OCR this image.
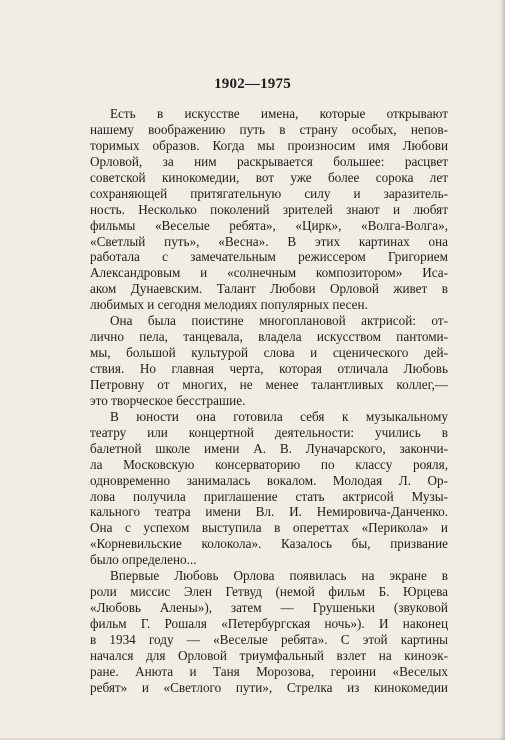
1902—1975
Есть в искусстве имена, которые открывают
нашему воображению путь в страну особых, непов-
торимых образов. Когда мы произносим имя Любови
Орловой, за ним раскрывается большее: расцвет
советской кинокомедии, вот уже более сорока лет
сохраняющей притягательную силу и заразитель-
ность. Несколько поколений зрителей знают и любят
фильмы «Веселые ребята», «Цирк», «Волга-Волга»,
«Светлый путь», «Весна». В этих картинах она
работала с замечательным режиссером Григорием
Александровым и «солнечным композитором» Иса-
аком Дунаевским. Талант Любови Орловой живет в
любимых и сегодня мелодиях популярных песен.
Она была поистине многоплановой актрисой: от-
лично пела, танцевала, владела искусством пантоми-
мы, большой культурой слова и сценического дей-
ствия. Но главная черта, которая отличала Любовь
Петровну от многих, не менее талантливых коллег,—
это творческое бесстрашие.
В юности она готовила себя к музыкальному
театру или концертной деятельности: учились в
балетной школе имени А. В. Луначарского, закончи-
ла Московскую консерваторию по классу рояля,
одновременно занималась вокалом. Молодая Л. Ор-
лова получила приглашение стать актрисой Музы-
кального театра имени Вл. И. Немировича-Данченко.
Она с успехом выступила в опереттах «Перикола» и
«Корневильские колокола». Казалось бы, призвание
было определено...
Впервые Любовь Орлова появилась на экране в
роли миссис Элен Гетвуд (немой фильм Б. Юрцева
«Любовь Алены»), затем — Грушеньки (звуковой
фильм Г. Рошаля «Петербургская ночь»). И наконец
в 1934 году — «Веселые ребята». С этой картины
начался для Орловой триумфальный взлет на киноэк-
ране. Анюта и Таня Морозова, героини «Веселых
ребят» и «Светлого пути», Стрелка из кинокомедии
